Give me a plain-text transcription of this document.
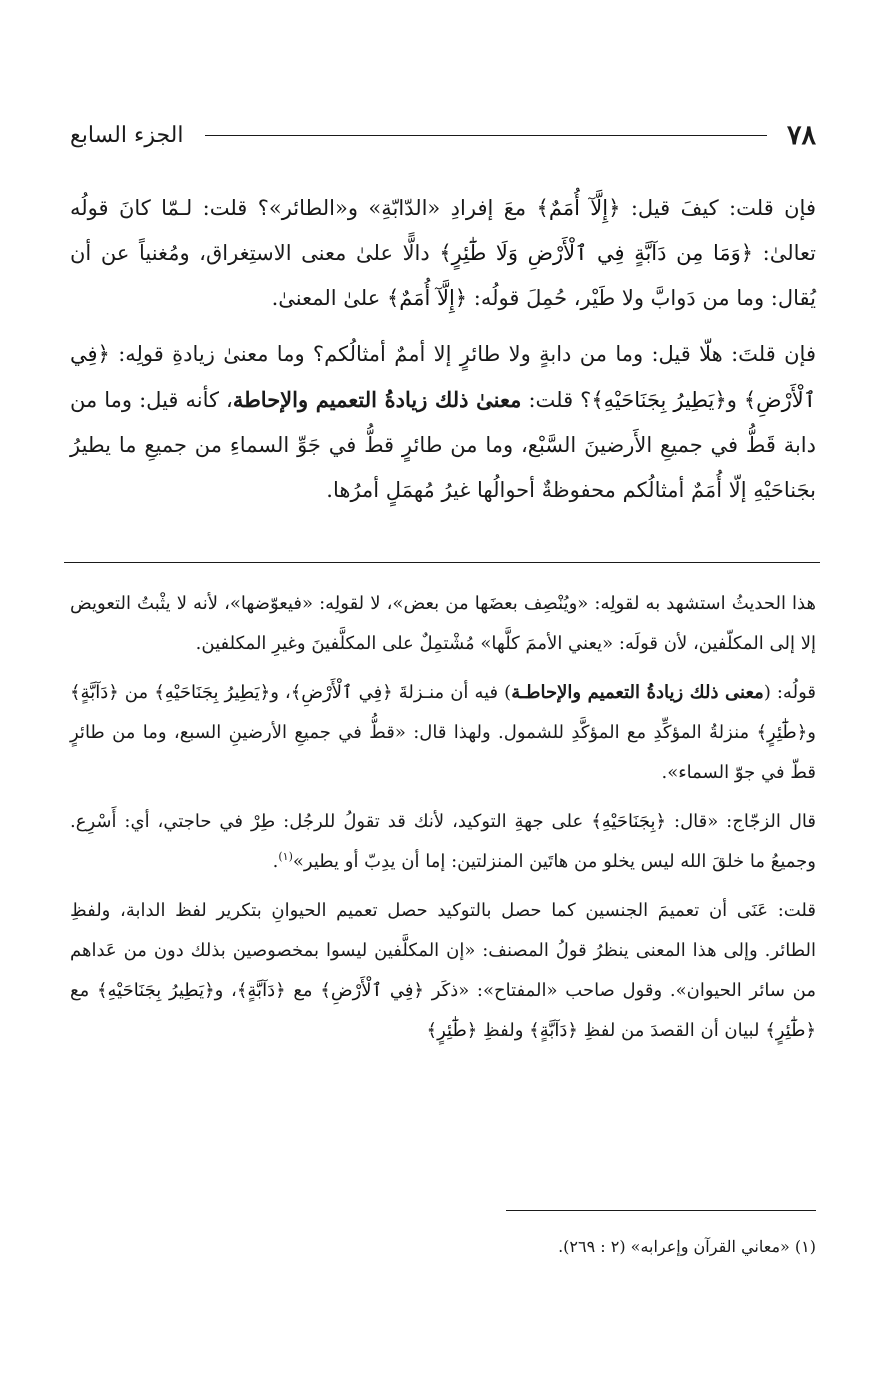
٧٨
الجزء السابع

فإن قلت: كيفَ قيل: ﴿إِلَّآ أُمَمٌ﴾ معَ إفرادِ «الدّابّةِ» و«الطائر»؟ قلت: لـمّا كانَ قولُه تعالىٰ: ﴿وَمَا مِن دَآبَّةٍ فِي ٱلْأَرْضِ وَلَا طَٰٓئِرٍ﴾ دالًّا علىٰ معنى الاستِغراق، ومُغنياً عن أن يُقال: وما من دَوابَّ ولا طَيْر، حُمِلَ قولُه: ﴿إِلَّآ أُمَمٌ﴾ علىٰ المعنىٰ.

فإن قلتَ: هلّا قيل: وما من دابةٍ ولا طائرٍ إلا أممٌ أمثالُكم؟ وما معنىٰ زيادةِ قولِه: ﴿فِي ٱلْأَرْضِ﴾ و﴿يَطِيرُ بِجَنَاحَيْهِ﴾؟ قلت: معنىٰ ذلك زيادةُ التعميم والإحاطة، كأنه قيل: وما من دابة قَطُّ في جميعِ الأَرضينَ السَّبْع، وما من طائرٍ قطُّ في جَوِّ السماءِ من جميعِ ما يطيرُ بجَناحَيْهِ إلّا أُمَمٌ أمثالُكم محفوظةٌ أحوالُها غيرُ مُهمَلٍ أمرُها.

هذا الحديثُ استشهد به لقولِه: «ويُنْصِف بعضَها من بعض»، لا لقولِه: «فيعوّضها»، لأنه لا يثْبتُ التعويض إلا إلى المكلّفين، لأن قولَه: «يعني الأممَ كلَّها» مُشْتمِلٌ على المكلَّفينَ وغيرِ المكلفين.

قولُه: (معنى ذلك زيادةُ التعميم والإحاطـة) فيه أن منـزلةَ ﴿فِي ٱلْأَرْضِ﴾، و﴿يَطِيرُ بِجَنَاحَيْهِ﴾ من ﴿دَآبَّةٍ﴾ و﴿طَٰٓئِرٍ﴾ منزلةُ المؤكِّدِ مع المؤكَّدِ للشمول. ولهذا قال: «قطُّ في جميعِ الأرضينِ السبع، وما من طائرٍ قطّ في جوّ السماء».

قال الزجّاج: «قال: ﴿بِجَنَاحَيْهِ﴾ على جهةِ التوكيد، لأنك قد تقولُ للرجُل: طِرْ في حاجتي، أي: أَسْرِع. وجميعُ ما خلقَ الله ليس يخلو من هاتَين المنزلتين: إما أن يدِبّ أو يطير»$^{(١)}$.

قلت: عَنَى أن تعميمَ الجنسين كما حصل بالتوكيد حصل تعميم الحيوانِ بتكرير لفظ الدابة، ولفظِ الطائر. وإلى هذا المعنى ينظرُ قولُ المصنف: «إن المكلَّفين ليسوا بمخصوصين بذلك دون من عَداهم من سائر الحيوان». وقول صاحب «المفتاح»: «ذكَر ﴿فِي ٱلْأَرْضِ﴾ مع ﴿دَآبَّةٍ﴾، و﴿يَطِيرُ بِجَنَاحَيْهِ﴾ مع ﴿طَٰٓئِرٍ﴾ لبيان أن القصدَ من لفظِ ﴿دَآبَّةٍ﴾ ولفظِ ﴿طَٰٓئِرٍ﴾

(١) «معاني القرآن وإعرابه» (٢ : ٢٦٩).
